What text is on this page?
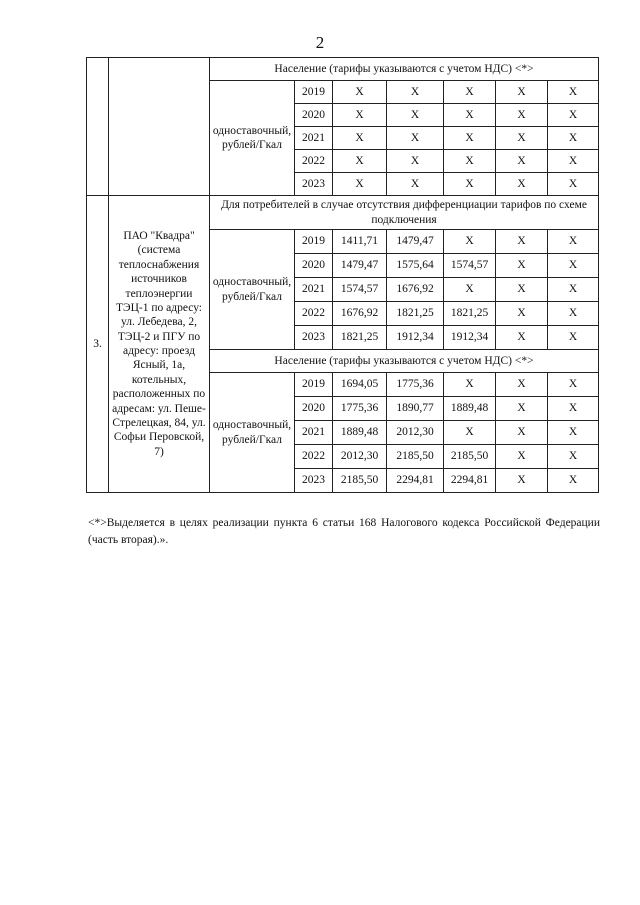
2
		Население (тарифы указываются с учетом НДС) <*>						
		одноставочный, рублей/Гкал	2019	X	X	X	X	X
			2020	X	X	X	X	X
			2021	X	X	X	X	X
			2022	X	X	X	X	X
			2023	X	X	X	X	X
3.	ПАО "Квадра" (система теплоснабжения источников теплоэнергии ТЭЦ-1 по адресу: ул. Лебедева, 2, ТЭЦ-2 и ПГУ по адресу: проезд Ясный, 1а, котельных, расположенных по адресам: ул. Пеше-Стрелецкая, 84, ул. Софьи Перовской, 7)	Для потребителей в случае отсутствия дифференциации тарифов по схеме подключения						
		одноставочный, рублей/Гкал	2019	1411,71	1479,47	X	X	X
			2020	1479,47	1575,64	1574,57	X	X
			2021	1574,57	1676,92	X	X	X
			2022	1676,92	1821,25	1821,25	X	X
			2023	1821,25	1912,34	1912,34	X	X
		Население (тарифы указываются с учетом НДС) <*>						
		одноставочный, рублей/Гкал	2019	1694,05	1775,36	X	X	X
			2020	1775,36	1890,77	1889,48	X	X
			2021	1889,48	2012,30	X	X	X
			2022	2012,30	2185,50	2185,50	X	X
			2023	2185,50	2294,81	2294,81	X	X
<*>Выделяется в целях реализации пункта 6 статьи 168 Налогового кодекса Российской Федерации (часть вторая).».
